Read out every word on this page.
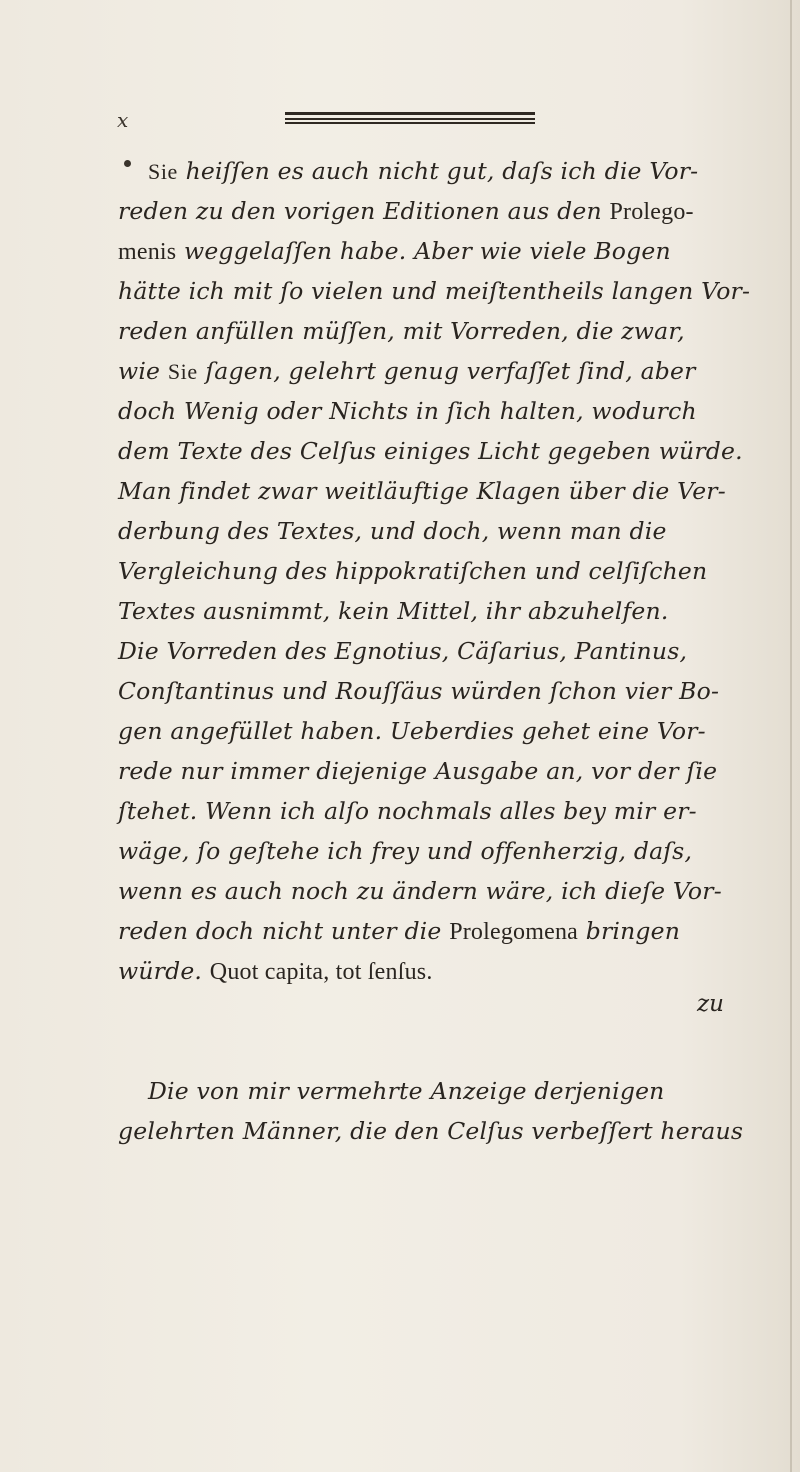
x
Sie heiſſen es auch nicht gut, daſs ich die Vor-
reden zu den vorigen Editionen aus den Prolego-
menis weggelaſſen habe. Aber wie viele Bogen
hätte ich mit ſo vielen und meiſtentheils langen Vor-
reden anfüllen müſſen, mit Vorreden, die zwar,
wie Sie ſagen, gelehrt genug verfaſſet ſind, aber
doch Wenig oder Nichts in ſich halten, wodurch
dem Texte des Celſus einiges Licht gegeben würde.
Man findet zwar weitläuftige Klagen über die Ver-
derbung des Textes, und doch, wenn man die
Vergleichung des hippokratiſchen und celſiſchen
Textes ausnimmt, kein Mittel, ihr abzuhelfen.
Die Vorreden des Egnotius, Cäſarius, Pantinus,
Conſtantinus und Rouſſäus würden ſchon vier Bo-
gen angefüllet haben. Ueberdies gehet eine Vor-
rede nur immer diejenige Ausgabe an, vor der ſie
ſtehet. Wenn ich alſo nochmals alles bey mir er-
wäge, ſo geſtehe ich frey und offenherzig, daſs,
wenn es auch noch zu ändern wäre, ich dieſe Vor-
reden doch nicht unter die Prolegomena bringen
würde. Quot capita, tot ſenſus.
Die von mir vermehrte Anzeige derjenigen
gelehrten Männer, die den Celſus verbeſſert heraus
zu
